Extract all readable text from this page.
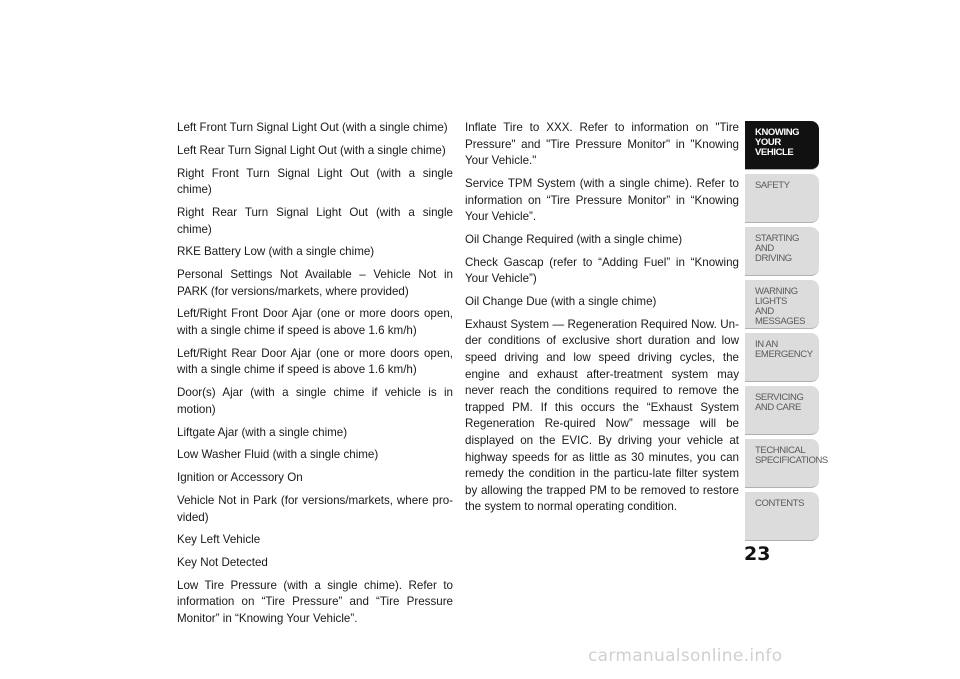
Left Front Turn Signal Light Out (with a single chime)

Left Rear Turn Signal Light Out (with a single chime)

Right Front Turn Signal Light Out (with a single chime)

Right Rear Turn Signal Light Out (with a single chime)

RKE Battery Low (with a single chime)

Personal Settings Not Available – Vehicle Not in PARK (for versions/markets, where provided)

Left/Right Front Door Ajar (one or more doors open, with a single chime if speed is above 1.6 km/h)

Left/Right Rear Door Ajar (one or more doors open, with a single chime if speed is above 1.6 km/h)

Door(s) Ajar (with a single chime if vehicle is in motion)

Liftgate Ajar (with a single chime)

Low Washer Fluid (with a single chime)

Ignition or Accessory On

Vehicle Not in Park (for versions/markets, where pro-vided)

Key Left Vehicle

Key Not Detected

Low Tire Pressure (with a single chime). Refer to information on “Tire Pressure” and “Tire Pressure Monitor” in “Knowing Your Vehicle”.

Inflate Tire to XXX. Refer to information on "Tire Pressure" and "Tire Pressure Monitor" in "Knowing Your Vehicle."

Service TPM System (with a single chime). Refer to information on “Tire Pressure Monitor” in “Knowing Your Vehicle”.

Oil Change Required (with a single chime)

Check Gascap (refer to “Adding Fuel” in “Knowing Your Vehicle”)

Oil Change Due (with a single chime)

Exhaust System — Regeneration Required Now. Un-der conditions of exclusive short duration and low speed driving and low speed driving cycles, the engine and exhaust after-treatment system may never reach the conditions required to remove the trapped PM. If this occurs the “Exhaust System Regeneration Re-quired Now” message will be displayed on the EVIC. By driving your vehicle at highway speeds for as little as 30 minutes, you can remedy the condition in the particu-late filter system by allowing the trapped PM to be removed to restore the system to normal operating condition.

KNOWING
YOUR
VEHICLE
SAFETY
STARTING
AND
DRIVING
WARNING
LIGHTS
AND
MESSAGES
IN AN
EMERGENCY
SERVICING
AND CARE
TECHNICAL
SPECIFICATIONS
CONTENTS
23
carmanualsonline.info
